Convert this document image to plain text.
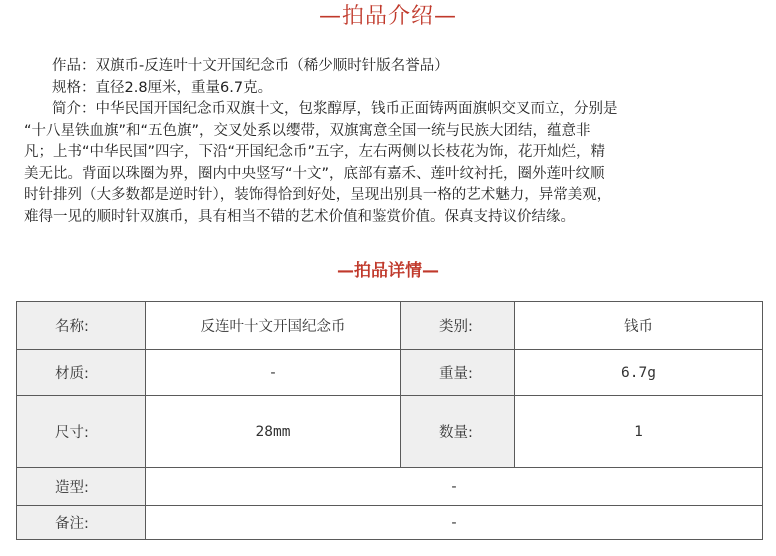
—拍品介绍—

作品：双旗币-反连叶十文开国纪念币（稀少顺时针版名誉品）

规格：直径2.8厘米，重量6.7克。

简介：中华民国开国纪念币双旗十文，包浆醇厚，钱币正面铸两面旗帜交叉而立，分别是

“十八星铁血旗”和“五色旗”，交叉处系以缨带，双旗寓意全国一统与民族大团结，蕴意非

凡；上书“中华民国”四字，下沿“开国纪念币”五字，左右两侧以长枝花为饰，花开灿烂，精

美无比。背面以珠圈为界，圈内中央竖写“十文”，底部有嘉禾、莲叶纹衬托，圈外莲叶纹顺

时针排列（大多数都是逆时针），装饰得恰到好处，呈现出别具一格的艺术魅力，异常美观，

难得一见的顺时针双旗币，具有相当不错的艺术价值和鉴赏价值。保真支持议价结缘。

—拍品详情—
名称:	反连叶十文开国纪念币	类别:	钱币
材质:	-	重量:	6.7g
尺寸:	28mm	数量:	1
造型:	-		
备注:	-		
